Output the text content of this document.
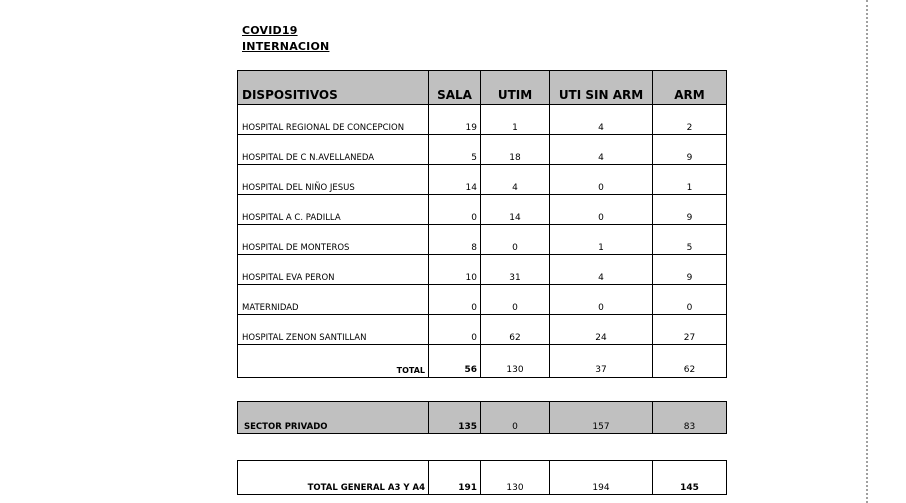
COVID19
INTERNACION
DISPOSITIVOS	SALA	UTIM	UTI SIN ARM	ARM
HOSPITAL REGIONAL DE CONCEPCION	19	1	4	2
HOSPITAL DE C N.AVELLANEDA	5	18	4	9
HOSPITAL DEL NIÑO JESUS	14	4	0	1
HOSPITAL A C. PADILLA	0	14	0	9
HOSPITAL DE MONTEROS	8	0	1	5
HOSPITAL EVA PERON	10	31	4	9
MATERNIDAD	0	0	0	0
HOSPITAL ZENON SANTILLAN	0	62	24	27
TOTAL	56	130	37	62
SECTOR PRIVADO	135	0	157	83
TOTAL GENERAL A3 Y A4	191	130	194	145
